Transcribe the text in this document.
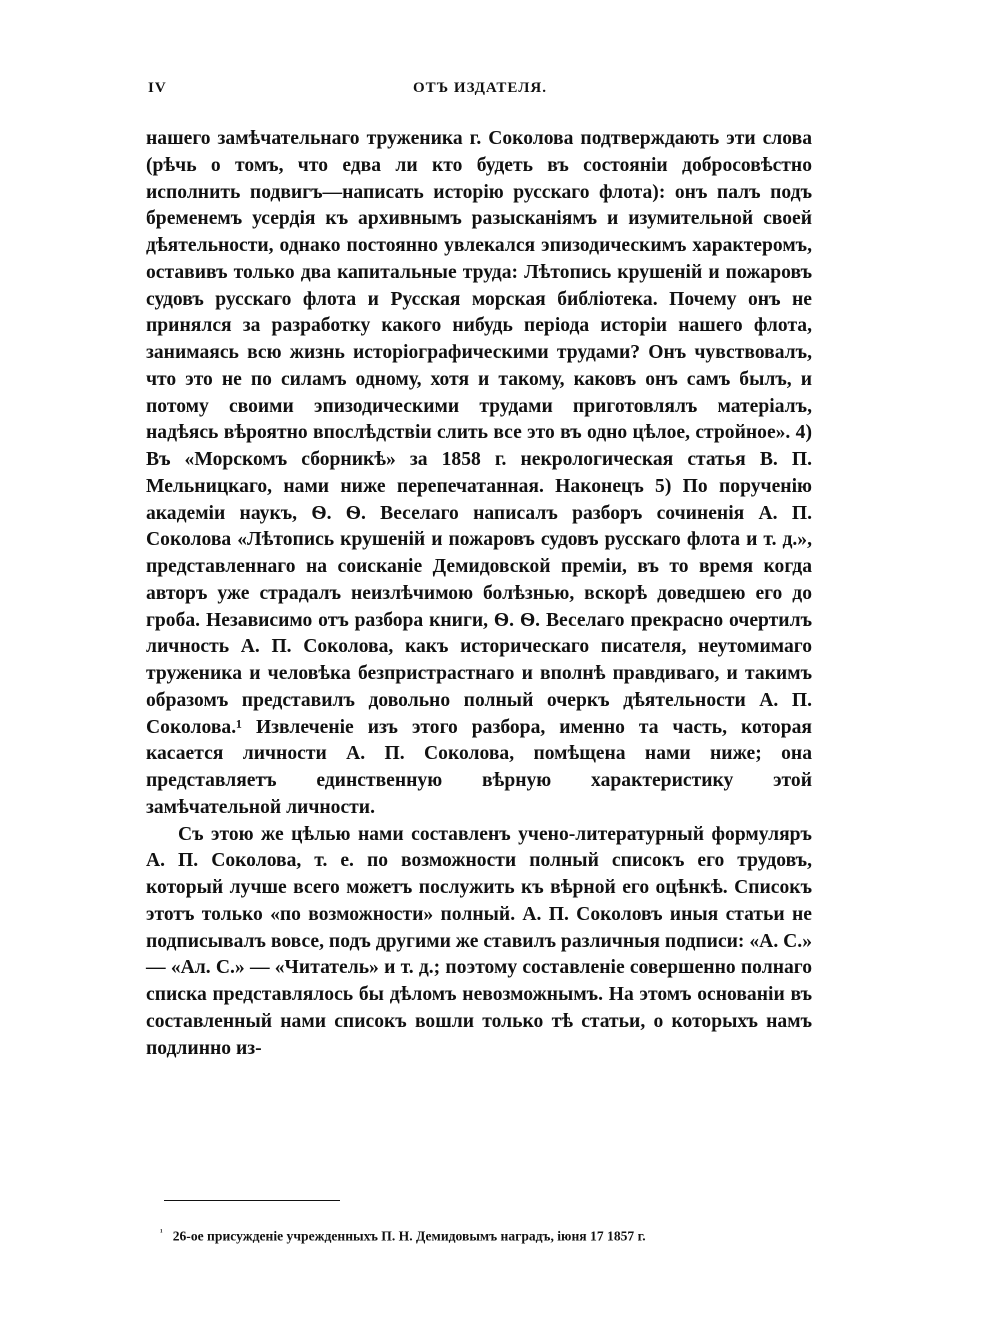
IV	ОТЪ ИЗДАТЕЛЯ.

нашего замѣчательнаго труженика г. Соколова подтверждають эти слова (рѣчь о томъ, что едва ли кто будеть въ состояніи добросовѣстно исполнить подвигъ—написать исторію русскаго флота): онъ палъ подъ бременемъ усердія къ архивнымъ разысканіямъ и изумительной своей дѣятельности, однако постоянно увлекался эпизодическимъ характеромъ, оставивъ только два капитальные труда: Лѣтопись крушеній и пожаровъ судовъ русскаго флота и Русская морская библіотека. Почему онъ не принялся за разработку какого нибудь періода исторіи нашего флота, занимаясь всю жизнь исторіографическими трудами? Онъ чувствовалъ, что это не по силамъ одному, хотя и такому, каковъ онъ самъ былъ, и потому своими эпизодическими трудами приготовлялъ матеріалъ, надѣясь вѣроятно впослѣдствіи слить все это въ одно цѣлое, стройное». 4) Въ «Морскомъ сборникѣ» за 1858 г. некрологическая статья В. П. Мельницкаго, нами ниже перепечатанная. Наконецъ 5) По порученію академіи наукъ, Ѳ. Ѳ. Веселаго написалъ разборъ сочиненія А. П. Соколова «Лѣтопись крушеній и пожаровъ судовъ русскаго флота и т. д.», представленнаго на соисканіе Демидовской преміи, въ то время когда авторъ уже страдалъ неизлѣчимою болѣзнью, вскорѣ доведшею его до гроба. Независимо отъ разбора книги, Ѳ. Ѳ. Веселаго прекрасно очертилъ личность А. П. Соколова, какъ историческаго писателя, неутомимаго труженика и человѣка безпристрастнаго и вполнѣ правдиваго, и такимъ образомъ представилъ довольно полный очеркъ дѣятельности А. П. Соколова.¹ Извлеченіе изъ этого разбора, именно та часть, которая касается личности А. П. Соколова, помѣщена нами ниже; она представляетъ единственную вѣрную характеристику этой замѣчательной личности.

Съ этою же цѣлью нами составленъ учено-литературный формуляръ А. П. Соколова, т. е. по возможности полный списокъ его трудовъ, который лучше всего можетъ послужить къ вѣрной его оцѣнкѣ. Списокъ этотъ только «по возможности» полный. А. П. Соколовъ иныя статьи не подписывалъ вовсе, подъ другими же ставилъ различныя подписи: «А. С.» — «Ал. С.» — «Читатель» и т. д.; поэтому составленіе совершенно полнаго списка представлялось бы дѣломъ невозможнымъ. На этомъ основаніи въ составленный нами списокъ вошли только тѣ статьи, о которыхъ намъ подлинно из-

$^{^1}$ 26-ое присужденіе учрежденныхъ П. Н. Демидовымъ наградъ, іюня 17 1857 г.
